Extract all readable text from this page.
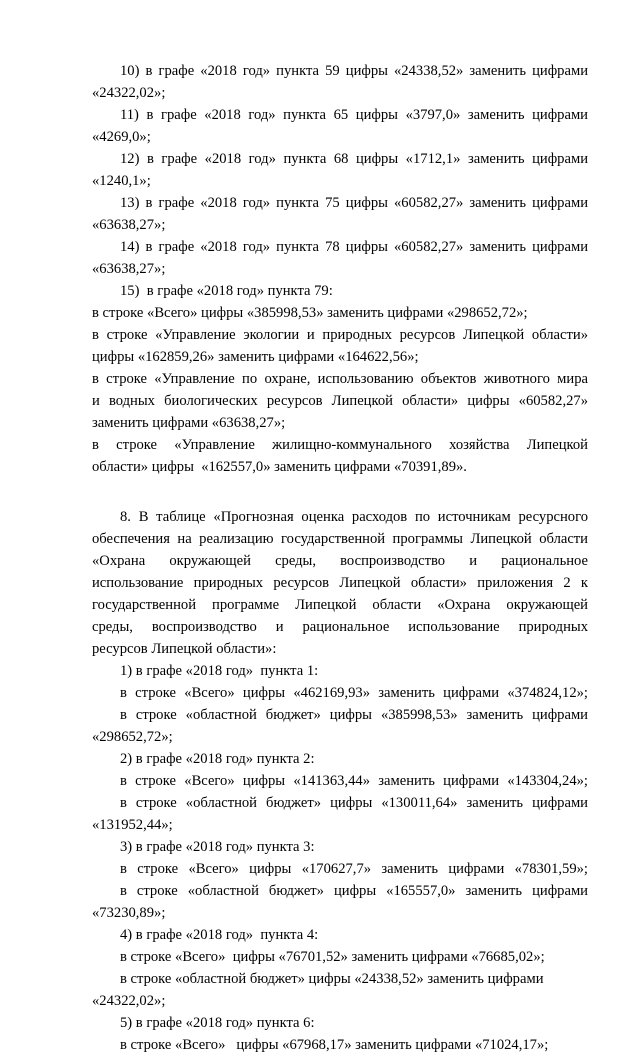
10) в графе «2018 год» пункта 59 цифры «24338,52» заменить цифрами
«24322,02»;
11) в графе «2018 год» пункта 65 цифры «3797,0» заменить цифрами
«4269,0»;
12) в графе «2018 год» пункта 68 цифры «1712,1» заменить цифрами
«1240,1»;
13) в графе «2018 год» пункта 75 цифры «60582,27» заменить цифрами
«63638,27»;
14) в графе «2018 год» пункта 78 цифры «60582,27» заменить цифрами
«63638,27»;
15)  в графе «2018 год» пункта 79:
в строке «Всего» цифры «385998,53» заменить цифрами «298652,72»;
в строке «Управление экологии и природных ресурсов Липецкой области»
цифры «162859,26» заменить цифрами «164622,56»;
в строке «Управление по охране, использованию объектов животного мира
и водных биологических ресурсов Липецкой области» цифры «60582,27»
заменить цифрами «63638,27»;
в строке «Управление жилищно-коммунального хозяйства Липецкой
области» цифры  «162557,0» заменить цифрами «70391,89».
8. В таблице «Прогнозная оценка расходов по источникам ресурсного
обеспечения на реализацию государственной программы Липецкой области
«Охрана окружающей среды, воспроизводство и рациональное
использование природных ресурсов Липецкой области» приложения 2 к
государственной программе Липецкой области «Охрана окружающей
среды, воспроизводство и рациональное использование природных
ресурсов Липецкой области»:
1) в графе «2018 год»  пункта 1:
в строке «Всего» цифры «462169,93» заменить цифрами «374824,12»;
в строке «областной бюджет» цифры «385998,53» заменить цифрами
«298652,72»;
2) в графе «2018 год» пункта 2:
в строке «Всего» цифры «141363,44» заменить цифрами «143304,24»;
в строке «областной бюджет» цифры «130011,64» заменить цифрами
«131952,44»;
3) в графе «2018 год» пункта 3:
в строке «Всего» цифры «170627,7» заменить цифрами «78301,59»;
в строке «областной бюджет» цифры «165557,0» заменить цифрами
«73230,89»;
4) в графе «2018 год»  пункта 4:
в строке «Всего»  цифры «76701,52» заменить цифрами «76685,02»;
в строке «областной бюджет» цифры «24338,52» заменить цифрами
«24322,02»;
5) в графе «2018 год» пункта 6:
в строке «Всего»   цифры «67968,17» заменить цифрами «71024,17»;
